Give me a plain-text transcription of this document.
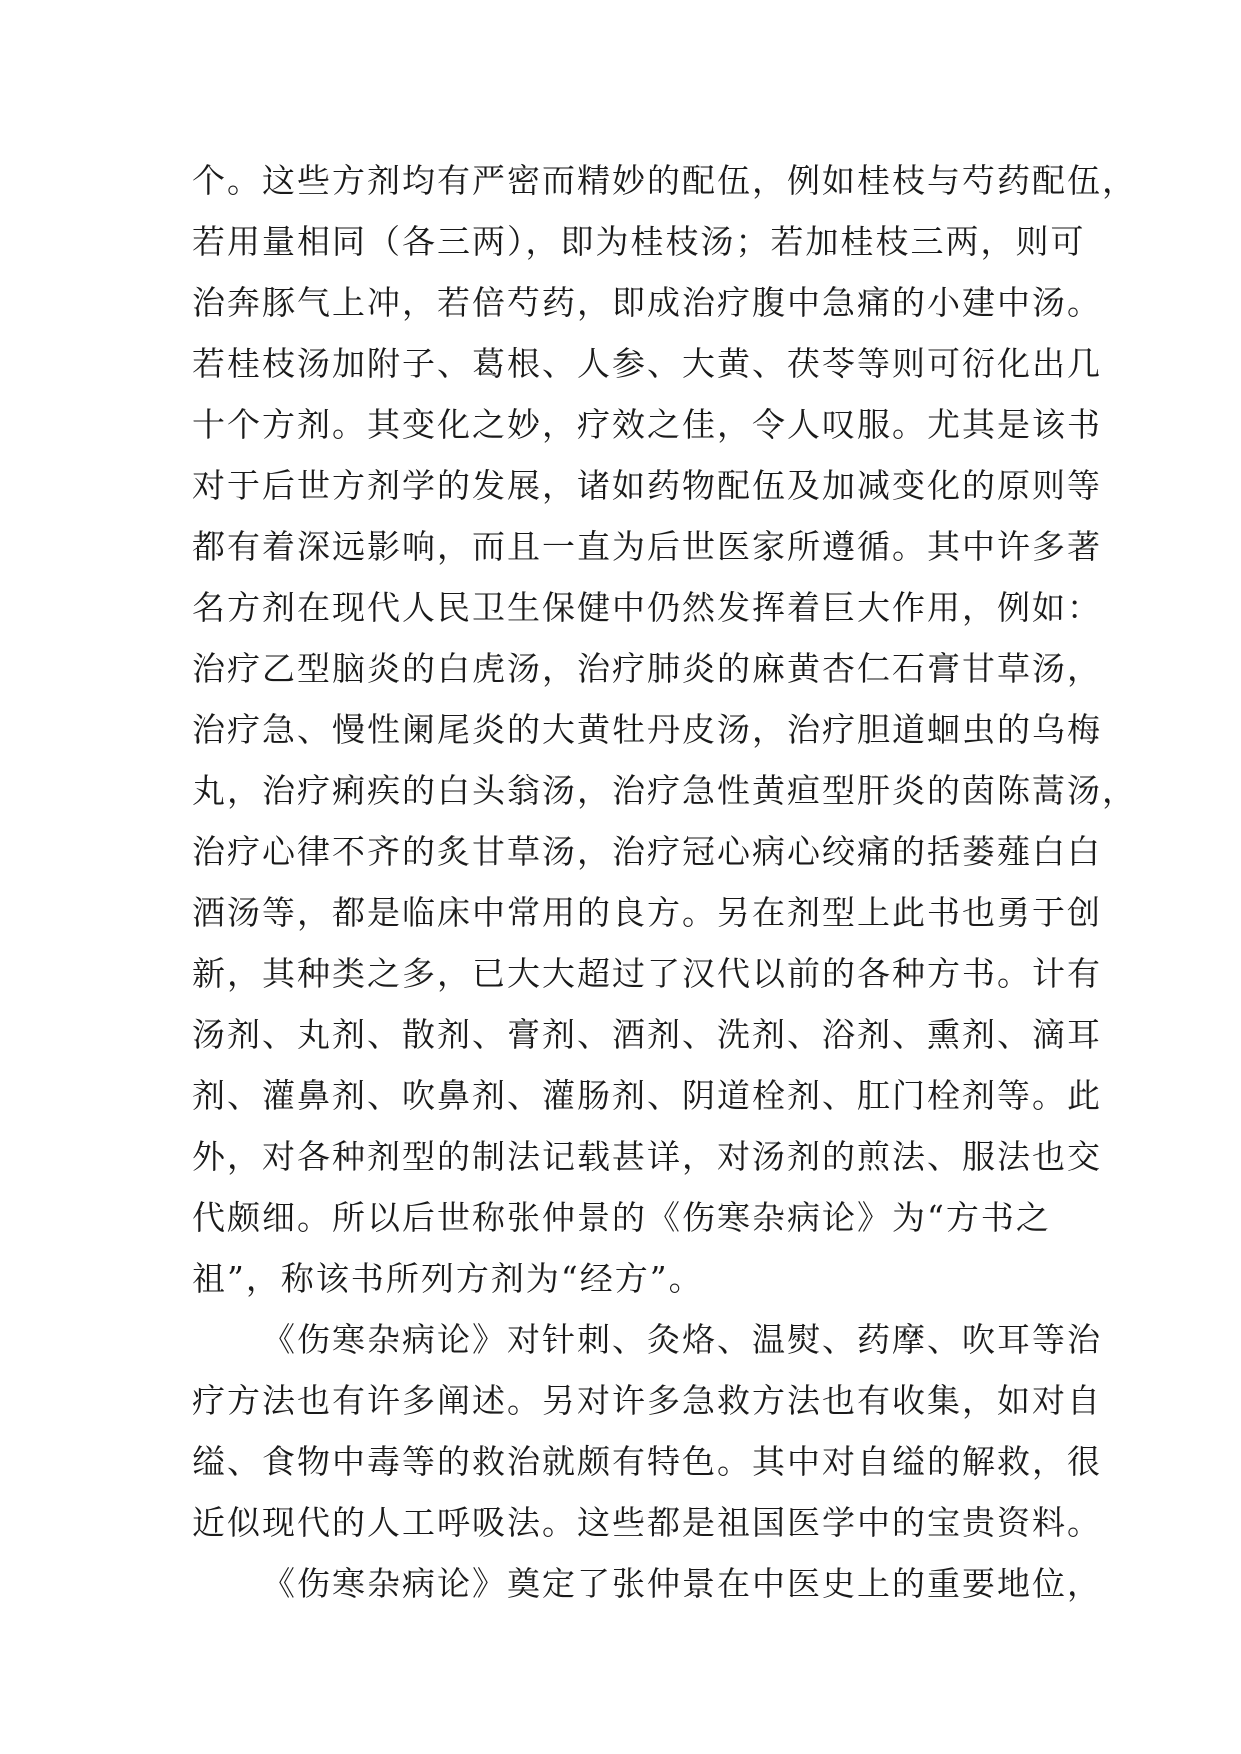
个。这些方剂均有严密而精妙的配伍，例如桂枝与芍药配伍，
若用量相同（各三两），即为桂枝汤；若加桂枝三两，则可
治奔豚气上冲，若倍芍药，即成治疗腹中急痛的小建中汤。
若桂枝汤加附子、葛根、人参、大黄、茯苓等则可衍化出几
十个方剂。其变化之妙，疗效之佳，令人叹服。尤其是该书
对于后世方剂学的发展，诸如药物配伍及加减变化的原则等
都有着深远影响，而且一直为后世医家所遵循。其中许多著
名方剂在现代人民卫生保健中仍然发挥着巨大作用，例如：
治疗乙型脑炎的白虎汤，治疗肺炎的麻黄杏仁石膏甘草汤，
治疗急、慢性阑尾炎的大黄牡丹皮汤，治疗胆道蛔虫的乌梅
丸，治疗痢疾的白头翁汤，治疗急性黄疸型肝炎的茵陈蒿汤，
治疗心律不齐的炙甘草汤，治疗冠心病心绞痛的括蒌薤白白
酒汤等，都是临床中常用的良方。另在剂型上此书也勇于创
新，其种类之多，已大大超过了汉代以前的各种方书。计有
汤剂、丸剂、散剂、膏剂、酒剂、洗剂、浴剂、熏剂、滴耳
剂、灌鼻剂、吹鼻剂、灌肠剂、阴道栓剂、肛门栓剂等。此
外，对各种剂型的制法记载甚详，对汤剂的煎法、服法也交
代颇细。所以后世称张仲景的《伤寒杂病论》为“方书之
祖”，称该书所列方剂为“经方”。
《伤寒杂病论》对针刺、灸烙、温熨、药摩、吹耳等治
疗方法也有许多阐述。另对许多急救方法也有收集，如对自
缢、食物中毒等的救治就颇有特色。其中对自缢的解救，很
近似现代的人工呼吸法。这些都是祖国医学中的宝贵资料。
《伤寒杂病论》奠定了张仲景在中医史上的重要地位，
